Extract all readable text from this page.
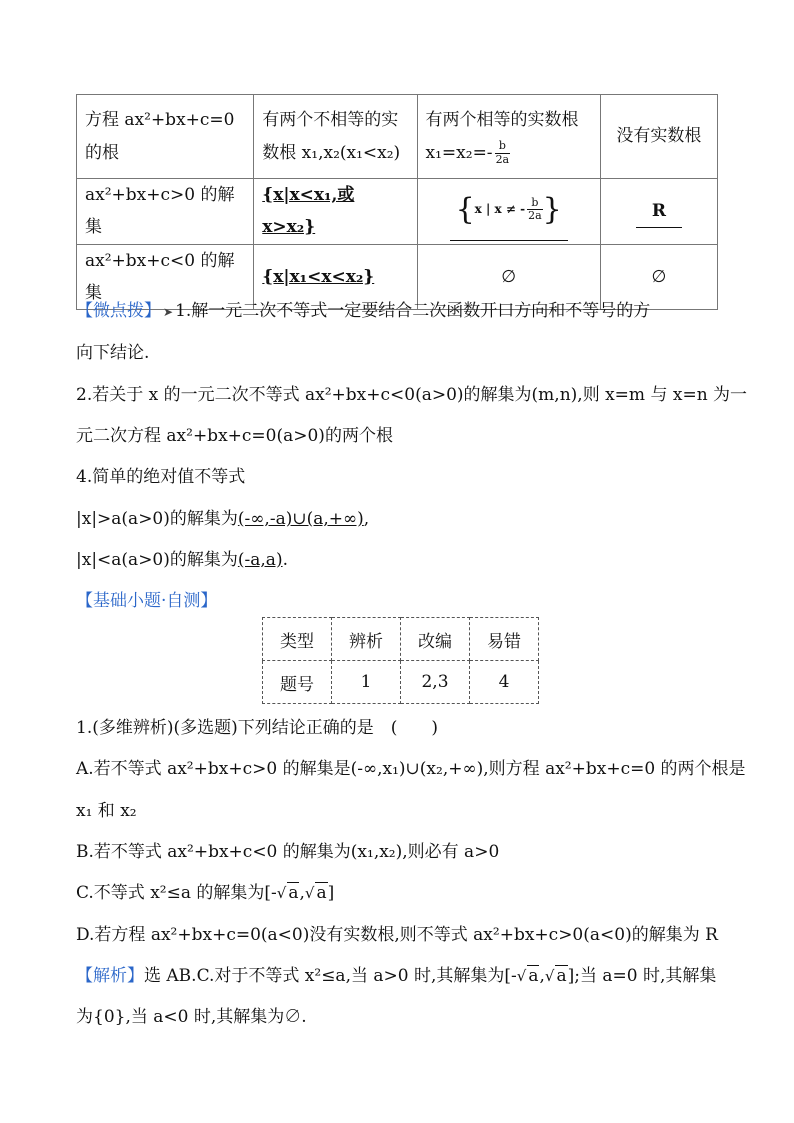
方程 ax²+bx+c=0 的根	有两个不相等的实数根 x₁,x₂(x₁<x₂)	有两个相等的实数根 $x_1=x_2=- \frac{b}{2a}$	没有实数根
ax²+bx+c>0 的解集	{x|x<x₁,或 x>x₂}	{x | x ≠ - $\frac{b}{2a}$ }	R
ax²+bx+c<0 的解集	{x|x₁<x<x₂}	∅	∅
【微点拨】 ➤ 1.解一元二次不等式一定要结合二次函数开口方向和不等号的方
向下结论.
2.若关于 x 的一元二次不等式 ax²+bx+c<0(a>0)的解集为(m,n),则 x=m 与 x=n 为一
元二次方程 ax²+bx+c=0(a>0)的两个根
4.简单的绝对值不等式
|x|>a(a>0)的解集为(-∞,-a)∪(a,+∞),
|x|<a(a>0)的解集为(-a,a).
【基础小题·自测】
类型	辨析	改编	易错
题号	1	2,3	4
1.(多维辨析)(多选题)下列结论正确的是　(　　)
A.若不等式 ax²+bx+c>0 的解集是(-∞,x₁)∪(x₂,+∞),则方程 ax²+bx+c=0 的两个根是
x₁ 和 x₂
B.若不等式 ax²+bx+c<0 的解集为(x₁,x₂),则必有 a>0
C.不等式 x²≤a 的解集为[-√ a,√ a]
D.若方程 ax²+bx+c=0(a<0)没有实数根,则不等式 ax²+bx+c>0(a<0)的解集为 R
【解析】选 AB.C.对于不等式 x²≤a,当 a>0 时,其解集为[-√ a,√ a];当 a=0 时,其解集
为{0},当 a<0 时,其解集为∅.
